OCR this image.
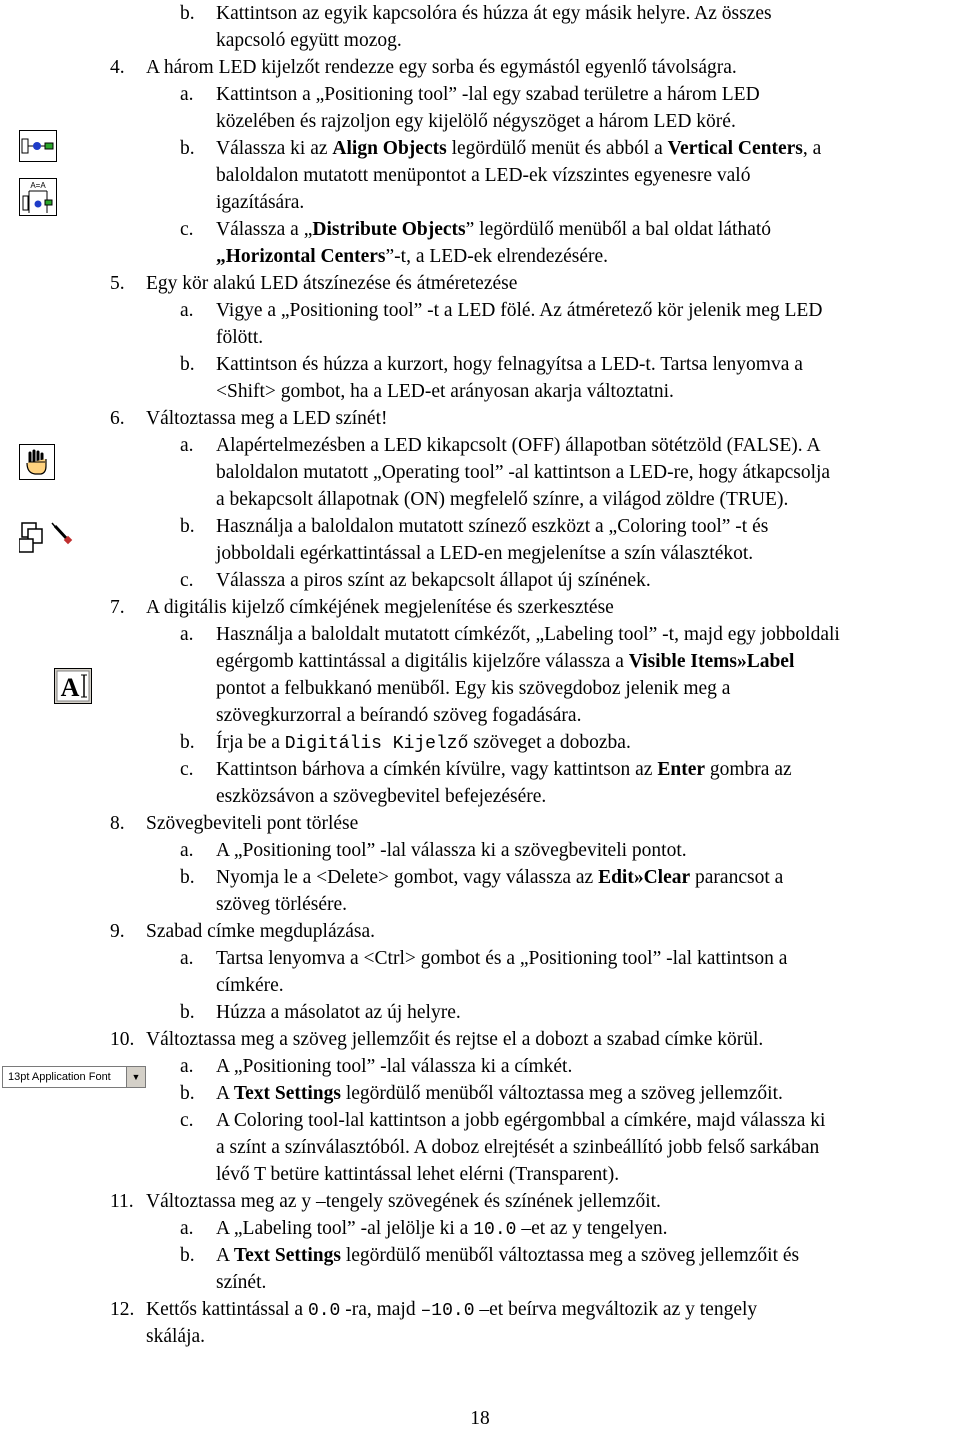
A=A
A
13pt Application Font	▼
b. Kattintson az egyik kapcsolóra és húzza át egy másik helyre. Az összes
kapcsoló együtt mozog.
4. A három LED kijelzőt rendezze egy sorba és egymástól egyenlő távolságra.
a. Kattintson a „Positioning tool” -lal egy szabad területre a három LED
közelében és rajzoljon egy kijelölő négyszöget a három LED köré.
b. Válassza ki az Align Objects legördülő menüt és abból a Vertical Centers, a
baloldalon mutatott menüpontot a LED-ek vízszintes egyenesre való
igazítására.
c. Válassza a „Distribute Objects” legördülő menüből a bal oldat látható
„Horizontal Centers”-t, a LED-ek elrendezésére.
5. Egy kör alakú LED átszínezése és átméretezése
a. Vigye a „Positioning tool” -t a LED fölé. Az átméretező kör jelenik meg LED
fölött.
b. Kattintson és húzza a kurzort, hogy felnagyítsa a LED-t. Tartsa lenyomva a
<Shift> gombot, ha a LED-et arányosan akarja változtatni.
6. Változtassa meg a LED színét!
a. Alapértelmezésben a LED kikapcsolt (OFF) állapotban sötétzöld (FALSE). A
baloldalon mutatott „Operating tool” -al kattintson a LED-re, hogy átkapcsolja
a bekapcsolt állapotnak (ON) megfelelő színre, a világod zöldre (TRUE).
b. Használja a baloldalon mutatott színező eszközt a „Coloring tool” -t és
jobboldali egérkattintással a LED-en megjelenítse a szín választékot.
c. Válassza a piros színt az bekapcsolt állapot új színének.
7. A digitális kijelző címkéjének megjelenítése és szerkesztése
a. Használja a baloldalt mutatott címkézőt, „Labeling tool” -t, majd egy jobboldali
egérgomb kattintással a digitális kijelzőre válassza a Visible Items»Label
pontot a felbukkanó menüből. Egy kis szövegdoboz jelenik meg a
szövegkurzorral a beírandó szöveg fogadására.
b. Írja be a Digitális Kijelző szöveget a dobozba.
c. Kattintson bárhova a címkén kívülre, vagy kattintson az Enter gombra az
eszközsávon a szövegbevitel befejezésére.
8. Szövegbeviteli pont törlése
a. A „Positioning tool” -lal válassza ki a szövegbeviteli pontot.
b. Nyomja le a <Delete> gombot, vagy válassza az Edit»Clear parancsot a
szöveg törlésére.
9. Szabad címke megduplázása.
a. Tartsa lenyomva a <Ctrl> gombot és a „Positioning tool” -lal kattintson a
címkére.
b. Húzza a másolatot az új helyre.
10. Változtassa meg a szöveg jellemzőit és rejtse el a dobozt a szabad címke körül.
a. A „Positioning tool” -lal válassza ki a címkét.
b. A Text Settings legördülő menüből változtassa meg a szöveg jellemzőit.
c. A Coloring tool-lal kattintson a jobb egérgombbal a címkére, majd válassza ki
a színt a színválasztóból. A doboz elrejtését a szinbeállító jobb felső sarkában
lévő T betüre kattintással lehet elérni (Transparent).
11. Változtassa meg az y –tengely szövegének és színének jellemzőit.
a. A „Labeling tool” -al jelölje ki a 10.0 –et az y tengelyen.
b. A Text Settings legördülő menüből változtassa meg a szöveg jellemzőit és
színét.
12. Kettős kattintással a 0.0 -ra, majd –10.0 –et beírva megváltozik az y tengely
skálája.
18
